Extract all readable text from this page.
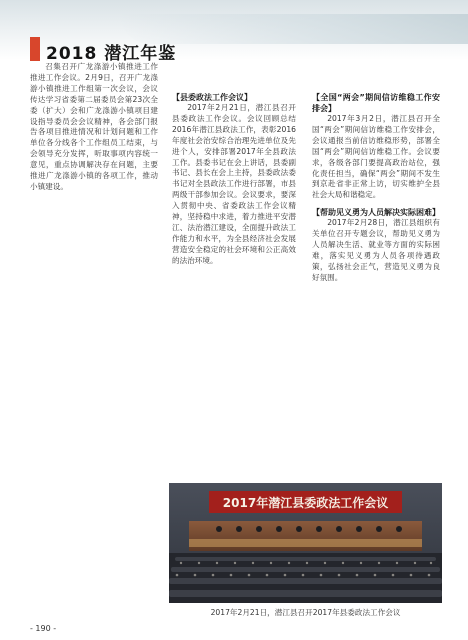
2018 潜江年鉴

召集召开广龙涤游小镇推进工作推进工作会议。2月9日，召开广龙涤游小镇推进工作组第一次会议，会议传达学习省委第二届委员会第23次全委（扩大）会和广龙涤游小镇项目建设指导委员会会议精神，各会部门报告各项目推进情况和计划问题和工作单位各分线各个工作组员工结束，与会领导充分发挥，听取事项内容统一意见，重点协调解决存在问题，主要推进广龙涤游小镇的各项工作，推动小镇建设。

【县委政法工作会议】

2017年2月21日，潜江县召开县委政法工作会议。会议回顾总结2016年潜江县政法工作，表彰2016年度社会治安综合治理先进单位及先进个人，安排部署2017年全县政法工作。县委书记在会上讲话，县委副书记、县长在会上主持，县委政法委书记对全县政法工作进行部署，市县两级干部参加会议。会议要求，要深入贯彻中央、省委政法工作会议精神，坚持稳中求进，着力推进平安潜江、法治潜江建设，全面提升政法工作能力和水平，为全县经济社会发展营造安全稳定的社会环境和公正高效的法治环境。

【全国“两会”期间信访维稳工作安排会】

2017年3月2日，潜江县召开全国“两会”期间信访维稳工作安排会，会议通报当前信访维稳形势，部署全国“两会”期间信访维稳工作。会议要求，各级各部门要提高政治站位，强化责任担当，确保“两会”期间不发生到京赴省非正常上访，切实维护全县社会大局和谐稳定。

【帮助见义勇为人员解决实际困难】

2017年2月28日，潜江县组织有关单位召开专题会议，帮助见义勇为人员解决生活、就业等方面的实际困难，落实见义勇为人员各项待遇政策，弘扬社会正气，营造见义勇为良好氛围。

2017年潜江县委政法工作会议
2017年2月21日，潜江县召开2017年县委政法工作会议
- 190 -
